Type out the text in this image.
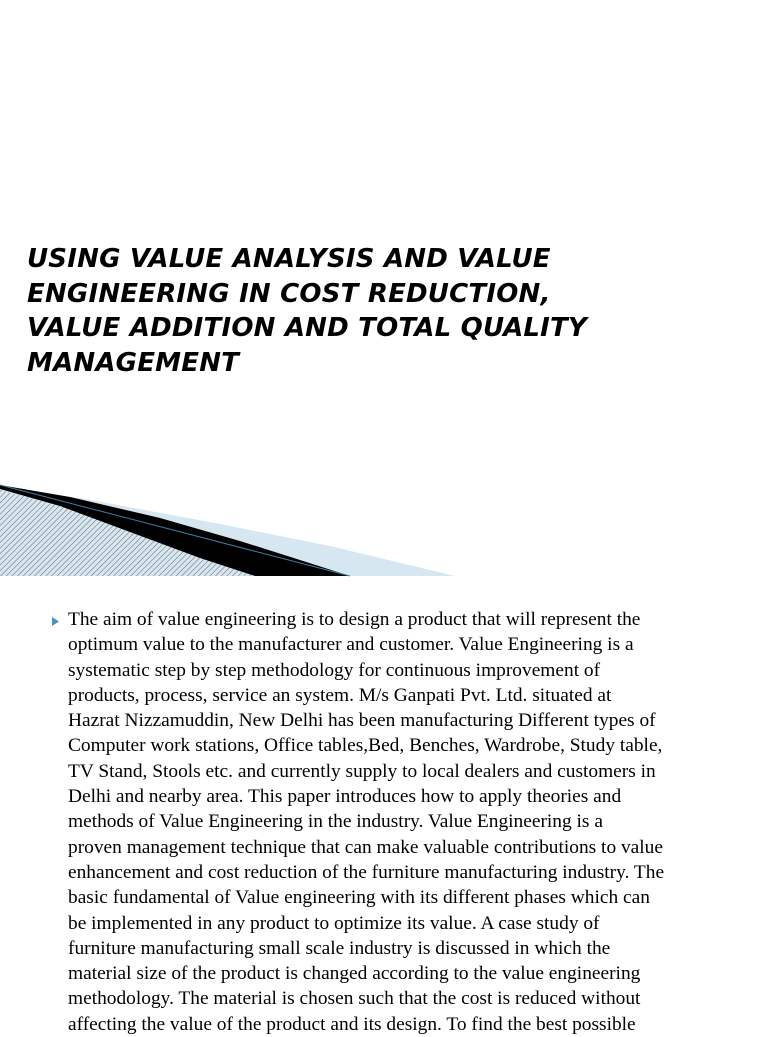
USING VALUE ANALYSIS AND VALUE
ENGINEERING IN COST REDUCTION,
VALUE ADDITION AND TOTAL QUALITY
MANAGEMENT

The aim of value engineering is to design a product that will represent the
optimum value to the manufacturer and customer. Value Engineering is a
systematic step by step methodology for continuous improvement of
products, process, service an system. M/s Ganpati Pvt. Ltd. situated at
Hazrat Nizzamuddin, New Delhi has been manufacturing Different types of
Computer work stations, Office tables,Bed, Benches, Wardrobe, Study table,
TV Stand, Stools etc. and currently supply to local dealers and customers in
Delhi and nearby area. This paper introduces how to apply theories and
methods of Value Engineering in the industry. Value Engineering is a
proven management technique that can make valuable contributions to value
enhancement and cost reduction of the furniture manufacturing industry. The
basic fundamental of Value engineering with its different phases which can
be implemented in any product to optimize its value. A case study of
furniture manufacturing small scale industry is discussed in which the
material size of the product is changed according to the value engineering
methodology. The material is chosen such that the cost is reduced without
affecting the value of the product and its design. To find the best possible
